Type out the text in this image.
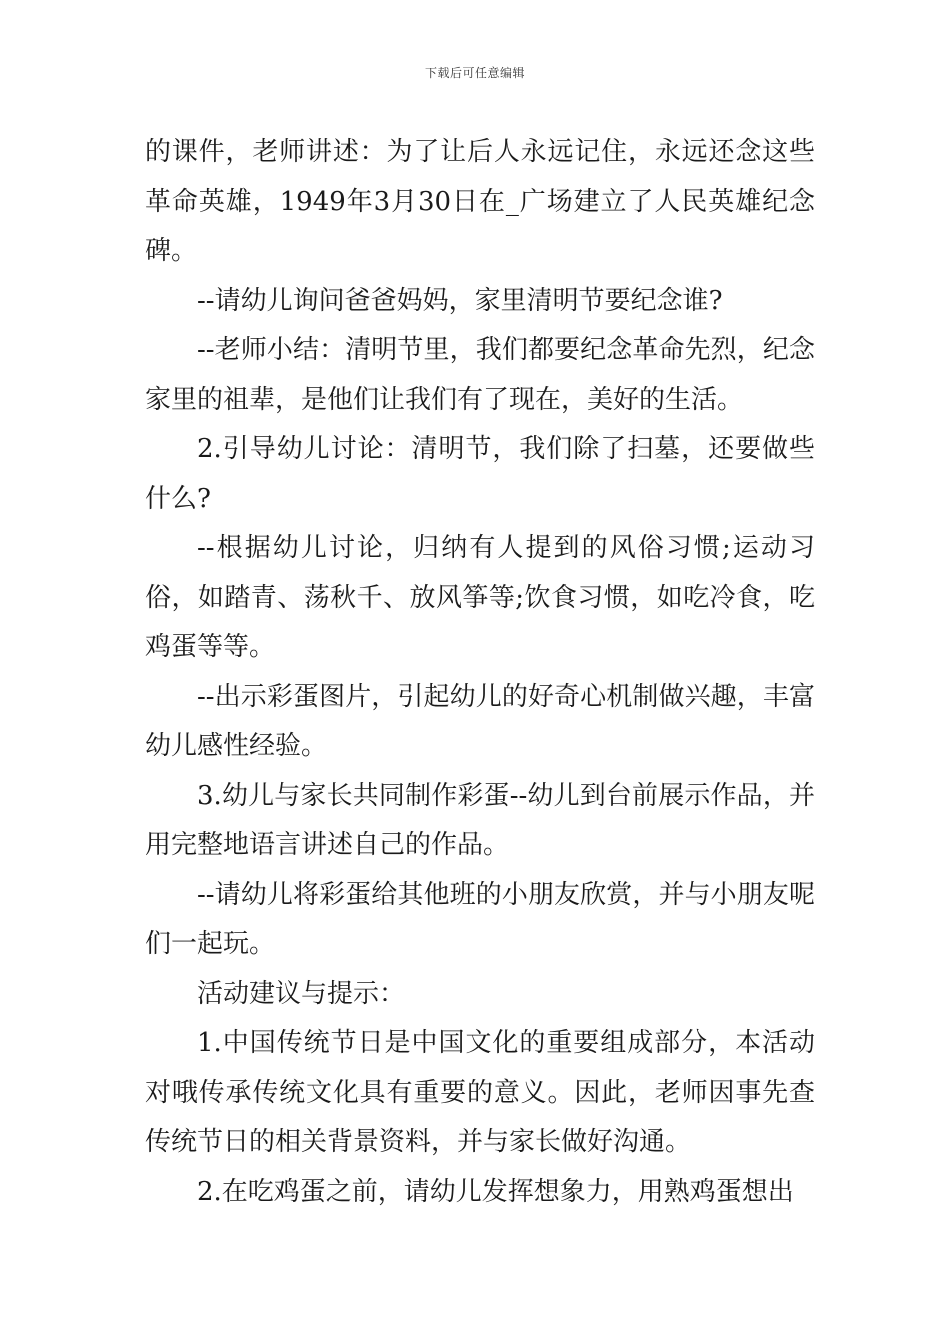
下载后可任意编辑

的课件，老师讲述：为了让后人永远记住，永远还念这些革命英雄，1949年3月30日在_广场建立了人民英雄纪念碑。

--请幼儿询问爸爸妈妈，家里清明节要纪念谁?

--老师小结：清明节里，我们都要纪念革命先烈，纪念家里的祖辈，是他们让我们有了现在，美好的生活。

2.引导幼儿讨论：清明节，我们除了扫墓，还要做些什么?

--根据幼儿讨论，归纳有人提到的风俗习惯;运动习俗，如踏青、荡秋千、放风筝等;饮食习惯，如吃冷食，吃鸡蛋等等。

--出示彩蛋图片，引起幼儿的好奇心机制做兴趣，丰富幼儿感性经验。

3.幼儿与家长共同制作彩蛋--幼儿到台前展示作品，并用完整地语言讲述自己的作品。

--请幼儿将彩蛋给其他班的小朋友欣赏，并与小朋友呢们一起玩。

活动建议与提示：

1.中国传统节日是中国文化的重要组成部分，本活动对哦传承传统文化具有重要的意义。因此，老师因事先查传统节日的相关背景资料，并与家长做好沟通。

2.在吃鸡蛋之前，请幼儿发挥想象力，用熟鸡蛋想出
